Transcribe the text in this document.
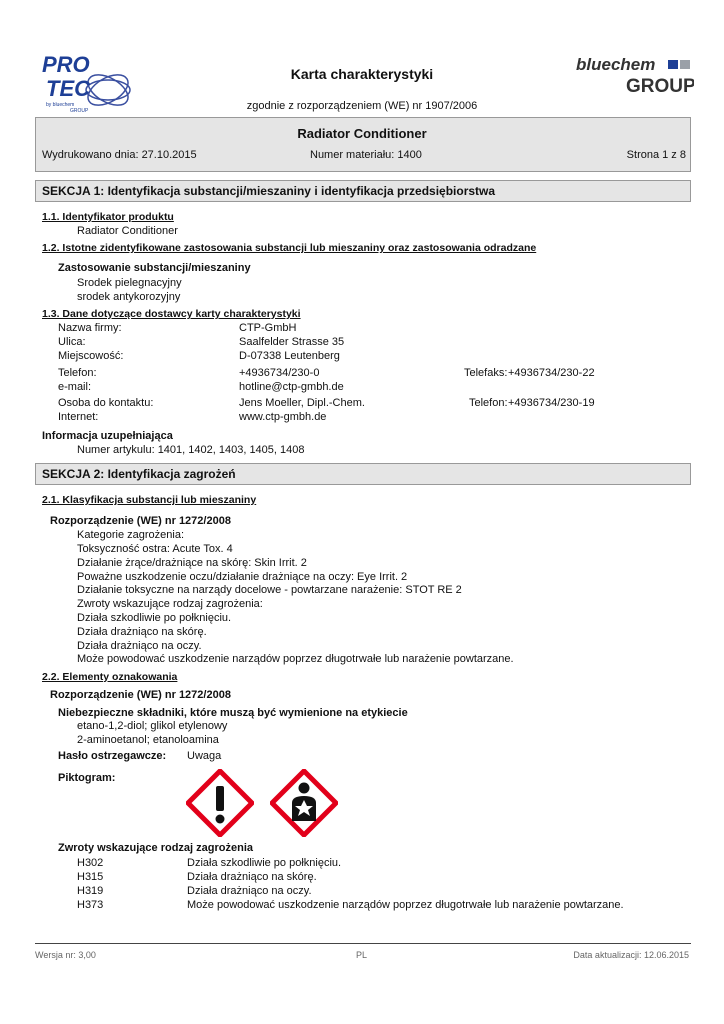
PRO
TEC
by bluechem
GROUP
Karta charakterystyki	bluechem
GROUP
zgodnie z rozporządzeniem (WE) nr 1907/2006
Radiator Conditioner
Wydrukowano dnia: 27.10.2015	Numer materiału: 1400	Strona 1 z 8
SEKCJA 1: Identyfikacja substancji/mieszaniny i identyfikacja przedsiębiorstwa
1.1. Identyfikator produktu
Radiator Conditioner
1.2. Istotne zidentyfikowane zastosowania substancji lub mieszaniny oraz zastosowania odradzane
Zastosowanie substancji/mieszaniny
Srodek pielegnacyjny
srodek antykorozyjny
1.3. Dane dotyczące dostawcy karty charakterystyki
Nazwa firmy:	CTP-GmbH
Ulica:	Saalfelder Strasse 35
Miejscowość:	D-07338 Leutenberg
Telefon:	+4936734/230-0	Telefaks: +4936734/230-22
e-mail:	hotline@ctp-gmbh.de
Osoba do kontaktu:	Jens Moeller, Dipl.-Chem.	Telefon: +4936734/230-19
Internet:	www.ctp-gmbh.de
Informacja uzupełniająca
Numer artykulu: 1401, 1402, 1403, 1405, 1408
SEKCJA 2: Identyfikacja zagrożeń
2.1. Klasyfikacja substancji lub mieszaniny
Rozporządzenie (WE) nr 1272/2008
Kategorie zagrożenia:
Toksyczność ostra: Acute Tox. 4
Działanie żrące/drażniące na skórę: Skin Irrit. 2
Poważne uszkodzenie oczu/działanie drażniące na oczy: Eye Irrit. 2
Działanie toksyczne na narządy docelowe - powtarzane narażenie: STOT RE 2
Zwroty wskazujące rodzaj zagrożenia:
Działa szkodliwie po połknięciu.
Działa drażniąco na skórę.
Działa drażniąco na oczy.
Może powodować uszkodzenie narządów poprzez długotrwałe lub narażenie powtarzane.
2.2. Elementy oznakowania
Rozporządzenie (WE) nr 1272/2008
Niebezpieczne składniki, które muszą być wymienione na etykiecie
etano-1,2-diol; glikol etylenowy
2-aminoetanol; etanoloamina
Hasło ostrzegawcze: Uwaga
Piktogram:
Zwroty wskazujące rodzaj zagrożenia
H302	Działa szkodliwie po połknięciu.
H315	Działa drażniąco na skórę.
H319	Działa drażniąco na oczy.
H373	Może powodować uszkodzenie narządów poprzez długotrwałe lub narażenie powtarzane.
Wersja nr: 3,00	PL	Data aktualizacji: 12.06.2015
